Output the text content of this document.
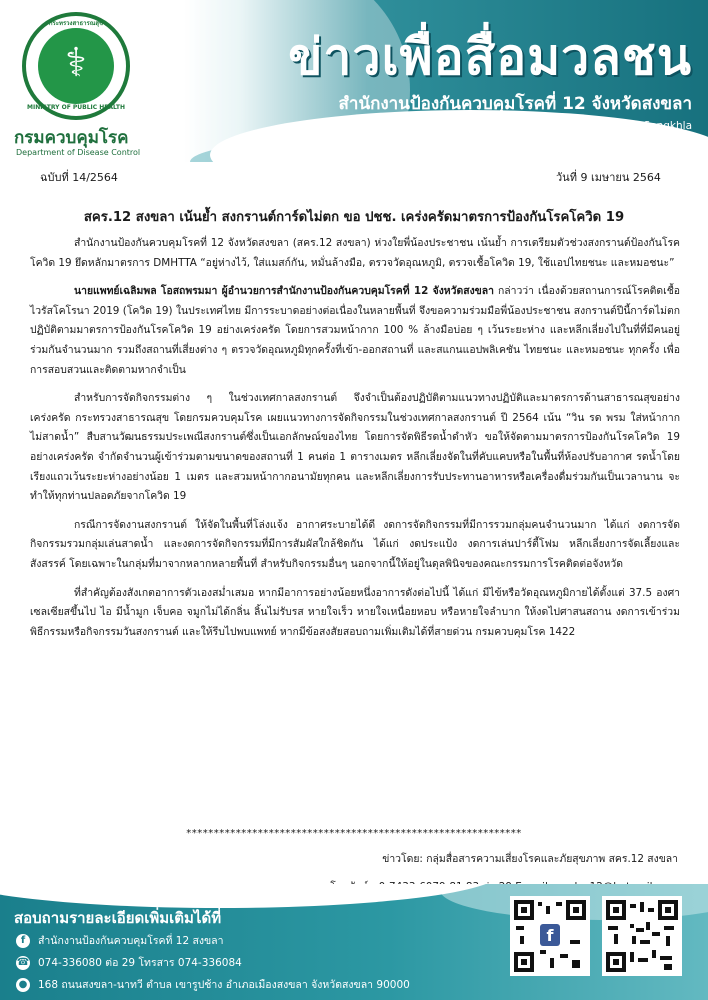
กระทรวงสาธารณสุข
⚕
MINISTRY OF PUBLIC HEALTH
กรมควบคุมโรค
Department of Disease Control
ข่าวเพื่อสื่อมวลชน
สำนักงานป้องกันควบคุมโรคที่ 12 จังหวัดสงขลา
The Office of Disease Prevention and Control Region 12 Songkhla
ฉบับที่ 14/2564	วันที่ 9 เมษายน 2564
สคร.12 สงขลา เน้นย้ำ สงกรานต์การ์ดไม่ตก ขอ ปชช. เคร่งครัดมาตรการป้องกันโรคโควิด 19

สำนักงานป้องกันควบคุมโรคที่ 12 จังหวัดสงขลา (สคร.12 สงขลา) ห่วงใยพี่น้องประชาชน เน้นย้ำ การเตรียมตัวช่วงสงกรานต์ป้องกันโรคโควิด 19 ยึดหลักมาตรการ DMHTTA “อยู่ห่างไว้, ใส่แมสก์กัน, หมั่นล้างมือ, ตรวจวัดอุณหภูมิ, ตรวจเชื้อโควิด 19, ใช้แอปไทยชนะ และหมอชนะ”

นายแพทย์เฉลิมพล โอสถพรมมา ผู้อำนวยการสำนักงานป้องกันควบคุมโรคที่ 12 จังหวัดสงขลา กล่าวว่า เนื่องด้วยสถานการณ์โรคติดเชื้อไวรัสโคโรนา 2019 (โควิด 19) ในประเทศไทย มีการระบาดอย่างต่อเนื่องในหลายพื้นที่ จึงขอความร่วมมือพี่น้องประชาชน สงกรานต์ปีนี้การ์ดไม่ตก ปฏิบัติตามมาตรการป้องกันโรคโควิด 19 อย่างเคร่งครัด โดยการสวมหน้ากาก 100 % ล้างมือบ่อย ๆ เว้นระยะห่าง และหลีกเลี่ยงไปในที่ที่มีคนอยู่ร่วมกันจำนวนมาก รวมถึงสถานที่เสี่ยงต่าง ๆ ตรวจวัดอุณหภูมิทุกครั้งที่เข้า-ออกสถานที่ และสแกนแอปพลิเคชัน ไทยชนะ และหมอชนะ ทุกครั้ง เพื่อการสอบสวนและติดตามหากจำเป็น

สำหรับการจัดกิจกรรมต่าง ๆ ในช่วงเทศกาลสงกรานต์ จึงจำเป็นต้องปฏิบัติตามแนวทางปฏิบัติและมาตรการด้านสาธารณสุขอย่างเคร่งครัด กระทรวงสาธารณสุข โดยกรมควบคุมโรค เผยแนวทางการจัดกิจกรรมในช่วงเทศกาลสงกรานต์ ปี 2564 เน้น “วิน รด พรม ใส่หน้ากาก ไม่สาดน้ำ” สืบสานวัฒนธรรมประเพณีสงกรานต์ซึ่งเป็นเอกลักษณ์ของไทย โดยการจัดพิธีรดน้ำดำหัว ขอให้จัดตามมาตรการป้องกันโรคโควิด 19 อย่างเคร่งครัด จำกัดจำนวนผู้เข้าร่วมตามขนาดของสถานที่ 1 คนต่อ 1 ตารางเมตร หลีกเลี่ยงจัดในที่คับแคบหรือในพื้นที่ห้องปรับอากาศ รดน้ำโดยเรียงแถวเว้นระยะห่างอย่างน้อย 1 เมตร และสวมหน้ากากอนามัยทุกคน และหลีกเลี่ยงการรับประทานอาหารหรือเครื่องดื่มร่วมกันเป็นเวลานาน จะทำให้ทุกท่านปลอดภัยจากโควิด 19

กรณีการจัดงานสงกรานต์ ให้จัดในพื้นที่โล่งแจ้ง อากาศระบายได้ดี งดการจัดกิจกรรมที่มีการรวมกลุ่มคนจำนวนมาก ได้แก่ งดการจัดกิจกรรมรวมกลุ่มเล่นสาดน้ำ และงดการจัดกิจกรรมที่มีการสัมผัสใกล้ชิดกัน ได้แก่ งดประแป้ง งดการเล่นปาร์ตี้โฟม หลีกเลี่ยงการจัดเลี้ยงและสังสรรค์ โดยเฉพาะในกลุ่มที่มาจากหลากหลายพื้นที่ สำหรับกิจกรรมอื่นๆ นอกจากนี้ให้อยู่ในดุลพินิจของคณะกรรมการโรคติดต่อจังหวัด

ที่สำคัญต้องสังเกตอาการตัวเองสม่ำเสมอ หากมีอาการอย่างน้อยหนึ่งอาการดังต่อไปนี้ ได้แก่ มีไข้หรือวัดอุณหภูมิกายได้ตั้งแต่ 37.5 องศาเซลเซียสขึ้นไป ไอ มีน้ำมูก เจ็บคอ จมูกไม่ได้กลิ่น ลิ้นไม่รับรส หายใจเร็ว หายใจเหนื่อยหอบ หรือหายใจลำบาก ให้งดไปศาสนสถาน งดการเข้าร่วมพิธีกรรมหรือกิจกรรมวันสงกรานต์ และให้รีบไปพบแพทย์ หากมีข้อสงสัยสอบถามเพิ่มเติมได้ที่สายด่วน กรมควบคุมโรค 1422

*************************************************************
ข่าวโดย: กลุ่มสื่อสารความเสี่ยงโรคและภัยสุขภาพ สคร.12 สงขลา
สอบถามรายละเอียดเพิ่มเติมได้ที่
f สำนักงานป้องกันควบคุมโรคที่ 12 สงขลา
☎ 074-336080 ต่อ 29 โทรสาร 074-336084
● 168 ถนนสงขลา-นาทวี ตำบล เขารูปช้าง อำเภอเมืองสงขลา จังหวัดสงขลา 90000
f
